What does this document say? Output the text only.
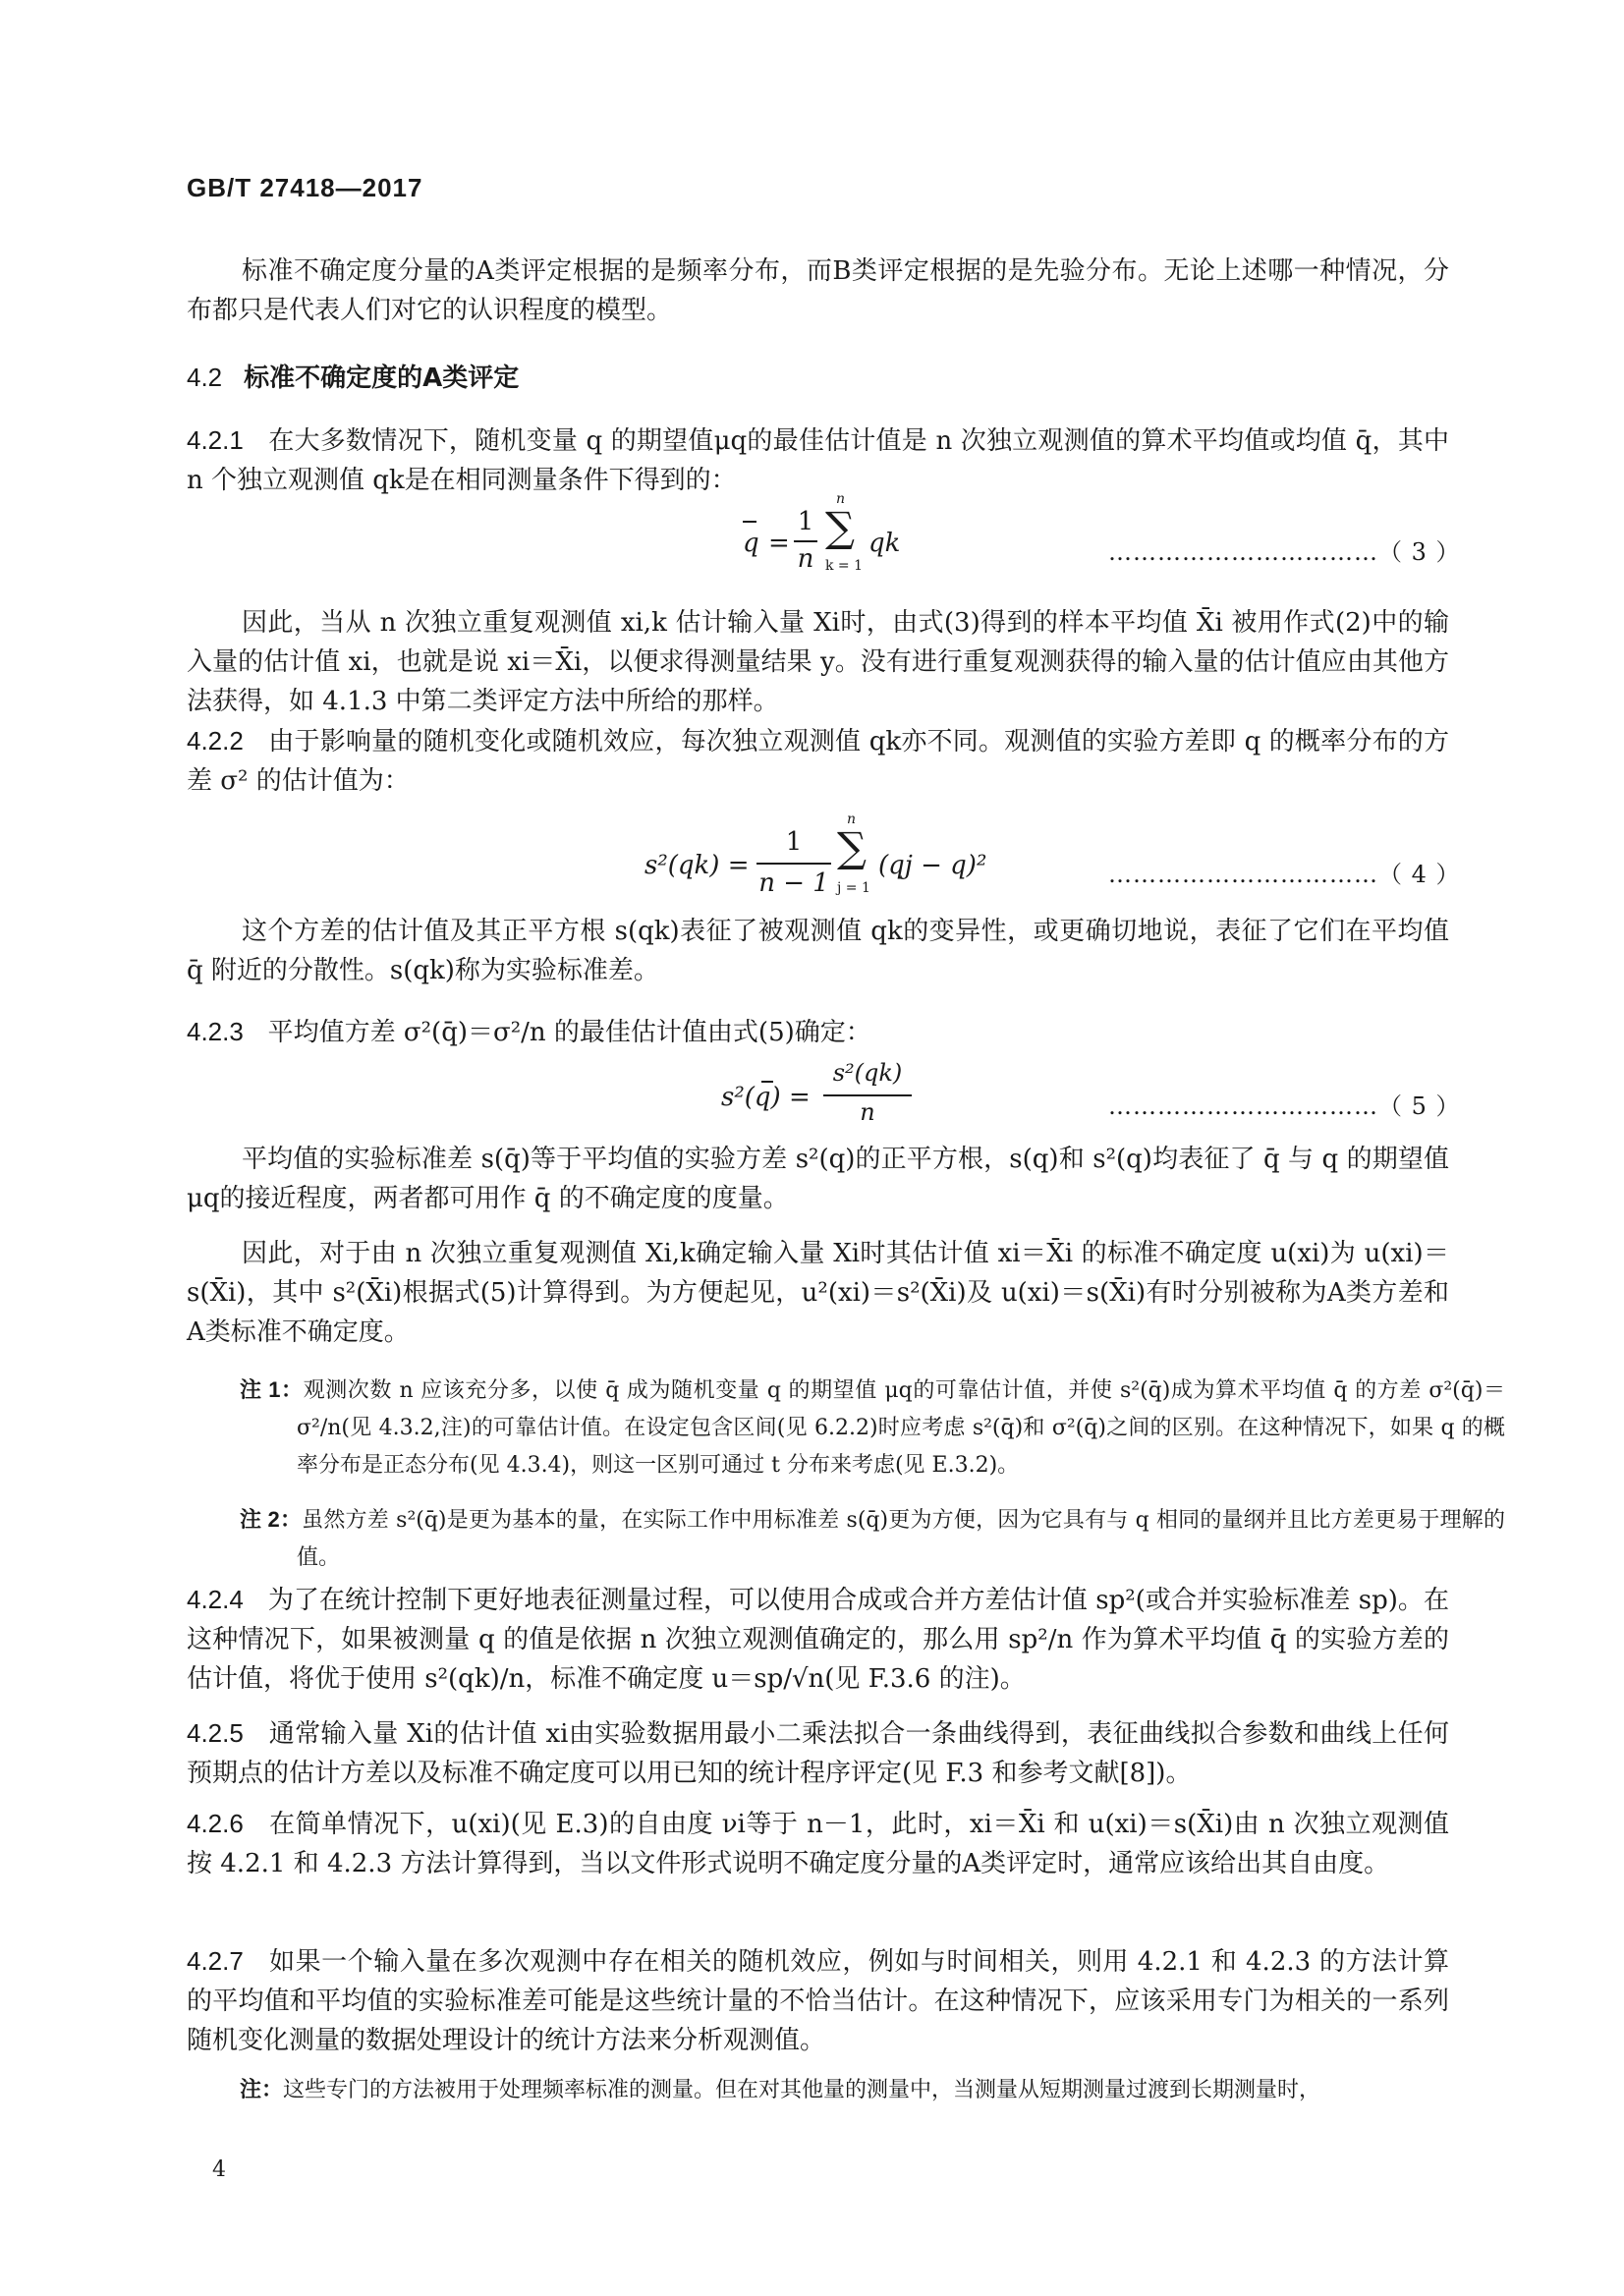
GB/T 27418—2017

标准不确定度分量的A类评定根据的是频率分布，而B类评定根据的是先验分布。无论上述哪一种情况，分布都只是代表人们对它的认识程度的模型。

4.2 标准不确定度的A类评定

4.2.1 在大多数情况下，随机变量 q 的期望值μq的最佳估计值是 n 次独立观测值的算术平均值或均值 q̄，其中 n 个独立观测值 qk是在相同测量条件下得到的：

q =
1
n
n
∑
k = 1
qk	……………………………（ 3 ）

因此，当从 n 次独立重复观测值 xi,k 估计输入量 Xi时，由式(3)得到的样本平均值 X̄i 被用作式(2)中的输入量的估计值 xi，也就是说 xi＝X̄i，以便求得测量结果 y。没有进行重复观测获得的输入量的估计值应由其他方法获得，如 4.1.3 中第二类评定方法中所给的那样。

4.2.2 由于影响量的随机变化或随机效应，每次独立观测值 qk亦不同。观测值的实验方差即 q 的概率分布的方差 σ² 的估计值为：

s²(qk) =
1
n − 1
n
∑
j = 1
(qj − q)²	……………………………（ 4 ）

这个方差的估计值及其正平方根 s(qk)表征了被观测值 qk的变异性，或更确切地说，表征了它们在平均值 q̄ 附近的分散性。s(qk)称为实验标准差。

4.2.3 平均值方差 σ²(q̄)＝σ²/n 的最佳估计值由式(5)确定：

s²(q) =
s²(qk)
n	……………………………（ 5 ）

平均值的实验标准差 s(q̄)等于平均值的实验方差 s²(q)的正平方根，s(q)和 s²(q)均表征了 q̄ 与 q 的期望值 μq的接近程度，两者都可用作 q̄ 的不确定度的度量。

因此，对于由 n 次独立重复观测值 Xi,k确定输入量 Xi时其估计值 xi＝X̄i 的标准不确定度 u(xi)为 u(xi)＝s(X̄i)，其中 s²(X̄i)根据式(5)计算得到。为方便起见，u²(xi)＝s²(X̄i)及 u(xi)＝s(X̄i)有时分别被称为A类方差和A类标准不确定度。

注 1：观测次数 n 应该充分多，以使 q̄ 成为随机变量 q 的期望值 μq的可靠估计值，并使 s²(q̄)成为算术平均值 q̄ 的方差 σ²(q̄)＝σ²/n(见 4.3.2,注)的可靠估计值。在设定包含区间(见 6.2.2)时应考虑 s²(q̄)和 σ²(q̄)之间的区别。在这种情况下，如果 q 的概率分布是正态分布(见 4.3.4)，则这一区别可通过 t 分布来考虑(见 E.3.2)。

注 2：虽然方差 s²(q̄)是更为基本的量，在实际工作中用标准差 s(q̄)更为方便，因为它具有与 q 相同的量纲并且比方差更易于理解的值。

4.2.4 为了在统计控制下更好地表征测量过程，可以使用合成或合并方差估计值 sp²(或合并实验标准差 sp)。在这种情况下，如果被测量 q 的值是依据 n 次独立观测值确定的，那么用 sp²/n 作为算术平均值 q̄ 的实验方差的估计值，将优于使用 s²(qk)/n，标准不确定度 u＝sp/√n(见 F.3.6 的注)。

4.2.5 通常输入量 Xi的估计值 xi由实验数据用最小二乘法拟合一条曲线得到，表征曲线拟合参数和曲线上任何预期点的估计方差以及标准不确定度可以用已知的统计程序评定(见 F.3 和参考文献[8])。

4.2.6 在简单情况下，u(xi)(见 E.3)的自由度 νi等于 n－1，此时，xi＝X̄i 和 u(xi)＝s(X̄i)由 n 次独立观测值按 4.2.1 和 4.2.3 方法计算得到，当以文件形式说明不确定度分量的A类评定时，通常应该给出其自由度。

4.2.7 如果一个输入量在多次观测中存在相关的随机效应，例如与时间相关，则用 4.2.1 和 4.2.3 的方法计算的平均值和平均值的实验标准差可能是这些统计量的不恰当估计。在这种情况下，应该采用专门为相关的一系列随机变化测量的数据处理设计的统计方法来分析观测值。

注：这些专门的方法被用于处理频率标准的测量。但在对其他量的测量中，当测量从短期测量过渡到长期测量时，

4
